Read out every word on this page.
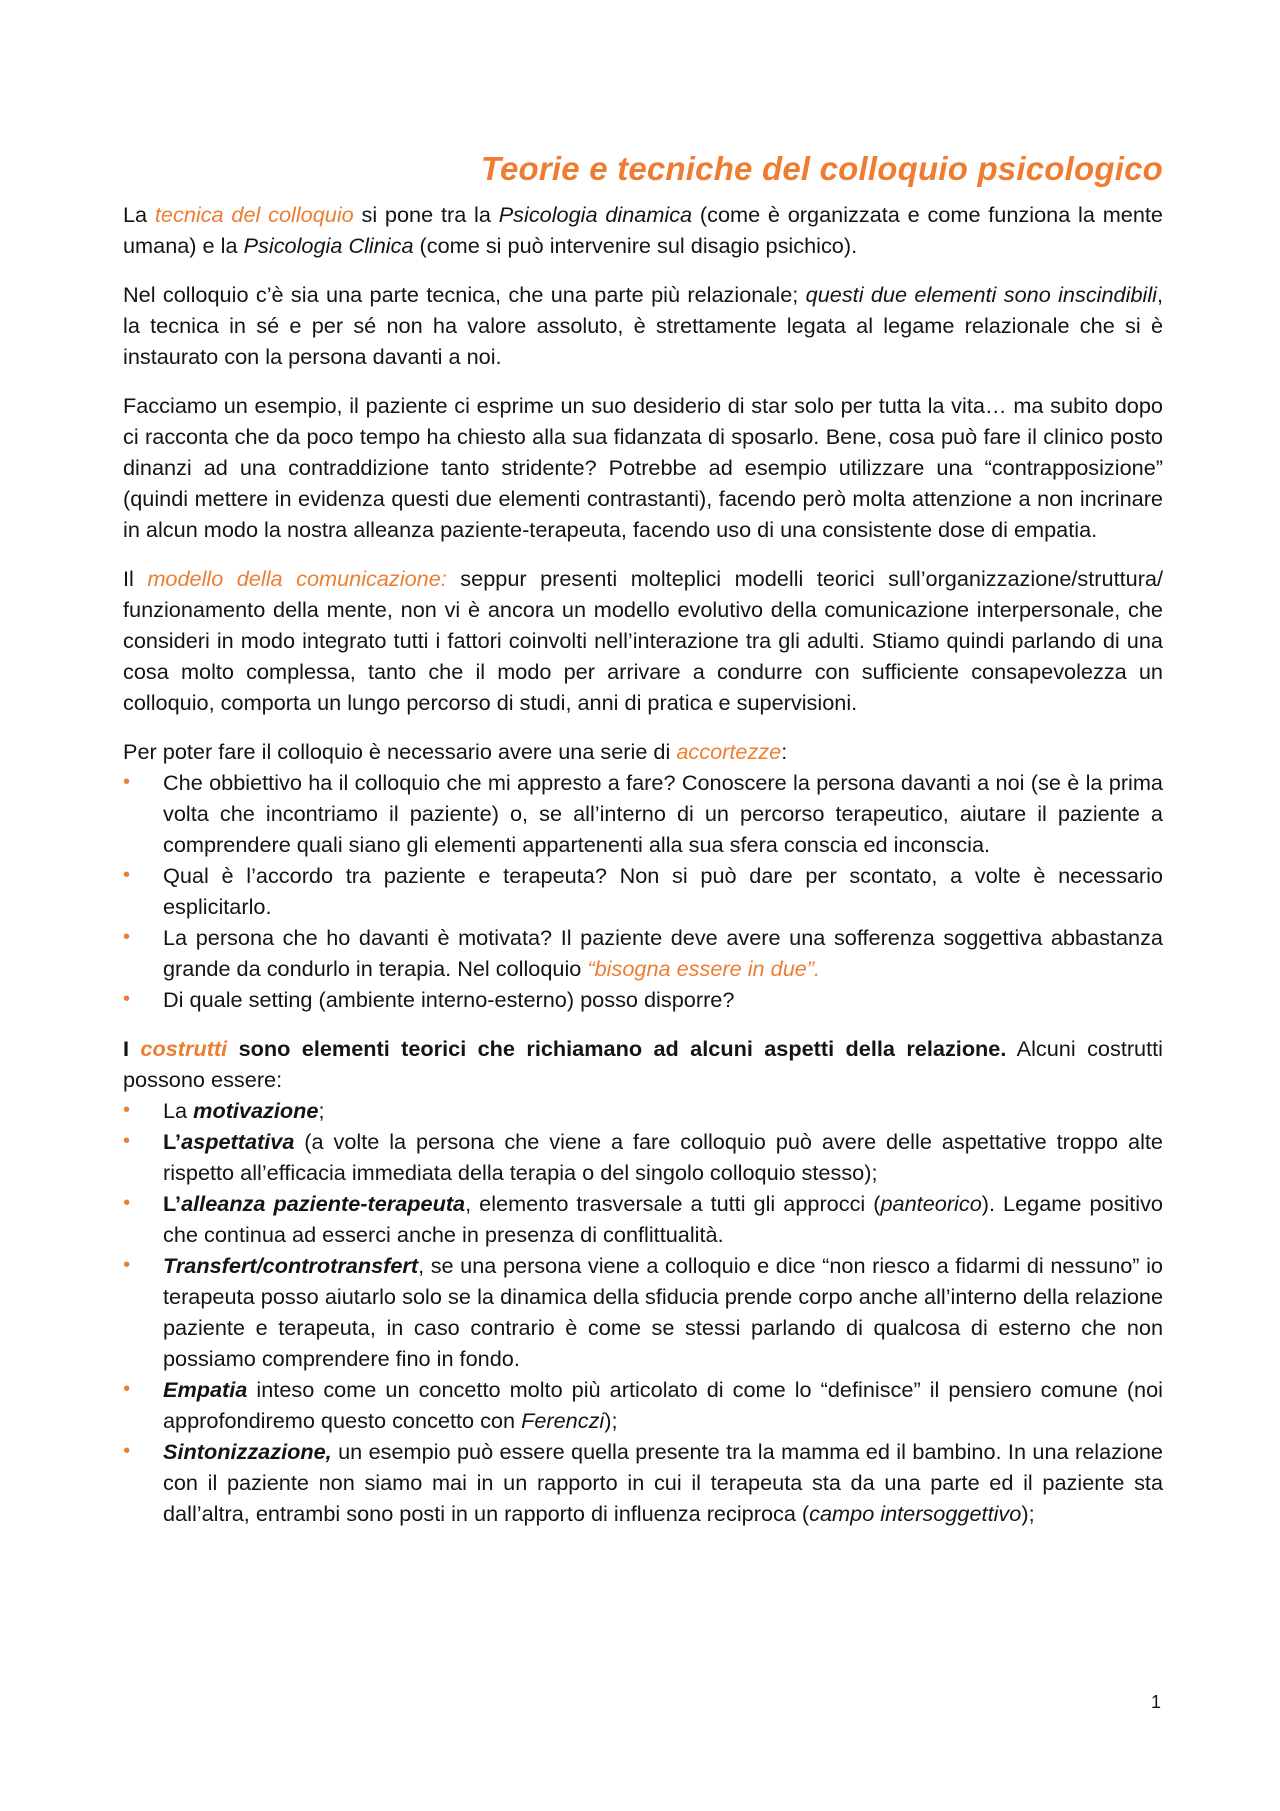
Teorie e tecniche del colloquio psicologico

La tecnica del colloquio si pone tra la Psicologia dinamica (come è organizzata e come funziona la mente umana) e la Psicologia Clinica (come si può intervenire sul disagio psichico).

Nel colloquio c’è sia una parte tecnica, che una parte più relazionale; questi due elementi sono inscindibili, la tecnica in sé e per sé non ha valore assoluto, è strettamente legata al legame relazionale che si è instaurato con la persona davanti a noi.

Facciamo un esempio, il paziente ci esprime un suo desiderio di star solo per tutta la vita… ma subito dopo ci racconta che da poco tempo ha chiesto alla sua fidanzata di sposarlo. Bene, cosa può fare il clinico posto dinanzi ad una contraddizione tanto stridente? Potrebbe ad esempio utilizzare una “contrapposizione” (quindi mettere in evidenza questi due elementi contrastanti), facendo però molta attenzione a non incrinare in alcun modo la nostra alleanza paziente-terapeuta, facendo uso di una consistente dose di empatia.

Il modello della comunicazione: seppur presenti molteplici modelli teorici sull’organizzazione/struttura/ funzionamento della mente, non vi è ancora un modello evolutivo della comunicazione interpersonale, che consideri in modo integrato tutti i fattori coinvolti nell’interazione tra gli adulti. Stiamo quindi parlando di una cosa molto complessa, tanto che il modo per arrivare a condurre con sufficiente consapevolezza un colloquio, comporta un lungo percorso di studi, anni di pratica e supervisioni.

Per poter fare il colloquio è necessario avere una serie di accortezze:

• Che obbiettivo ha il colloquio che mi appresto a fare? Conoscere la persona davanti a noi (se è la prima volta che incontriamo il paziente) o, se all’interno di un percorso terapeutico, aiutare il paziente a comprendere quali siano gli elementi appartenenti alla sua sfera conscia ed inconscia.
• Qual è l’accordo tra paziente e terapeuta? Non si può dare per scontato, a volte è necessario esplicitarlo.
• La persona che ho davanti è motivata? Il paziente deve avere una sofferenza soggettiva abbastanza grande da condurlo in terapia. Nel colloquio “bisogna essere in due”.
• Di quale setting (ambiente interno-esterno) posso disporre?

I costrutti sono elementi teorici che richiamano ad alcuni aspetti della relazione. Alcuni costrutti possono essere:

• La motivazione;
• L’aspettativa (a volte la persona che viene a fare colloquio può avere delle aspettative troppo alte rispetto all’efficacia immediata della terapia o del singolo colloquio stesso);
• L’alleanza paziente-terapeuta, elemento trasversale a tutti gli approcci (panteorico). Legame positivo che continua ad esserci anche in presenza di conflittualità.
• Transfert/controtransfert, se una persona viene a colloquio e dice “non riesco a fidarmi di nessuno” io terapeuta posso aiutarlo solo se la dinamica della sfiducia prende corpo anche all’interno della relazione paziente e terapeuta, in caso contrario è come se stessi parlando di qualcosa di esterno che non possiamo comprendere fino in fondo.
• Empatia inteso come un concetto molto più articolato di come lo “definisce” il pensiero comune (noi approfondiremo questo concetto con Ferenczi);
• Sintonizzazione, un esempio può essere quella presente tra la mamma ed il bambino. In una relazione con il paziente non siamo mai in un rapporto in cui il terapeuta sta da una parte ed il paziente sta dall’altra, entrambi sono posti in un rapporto di influenza reciproca (campo intersoggettivo);
1
